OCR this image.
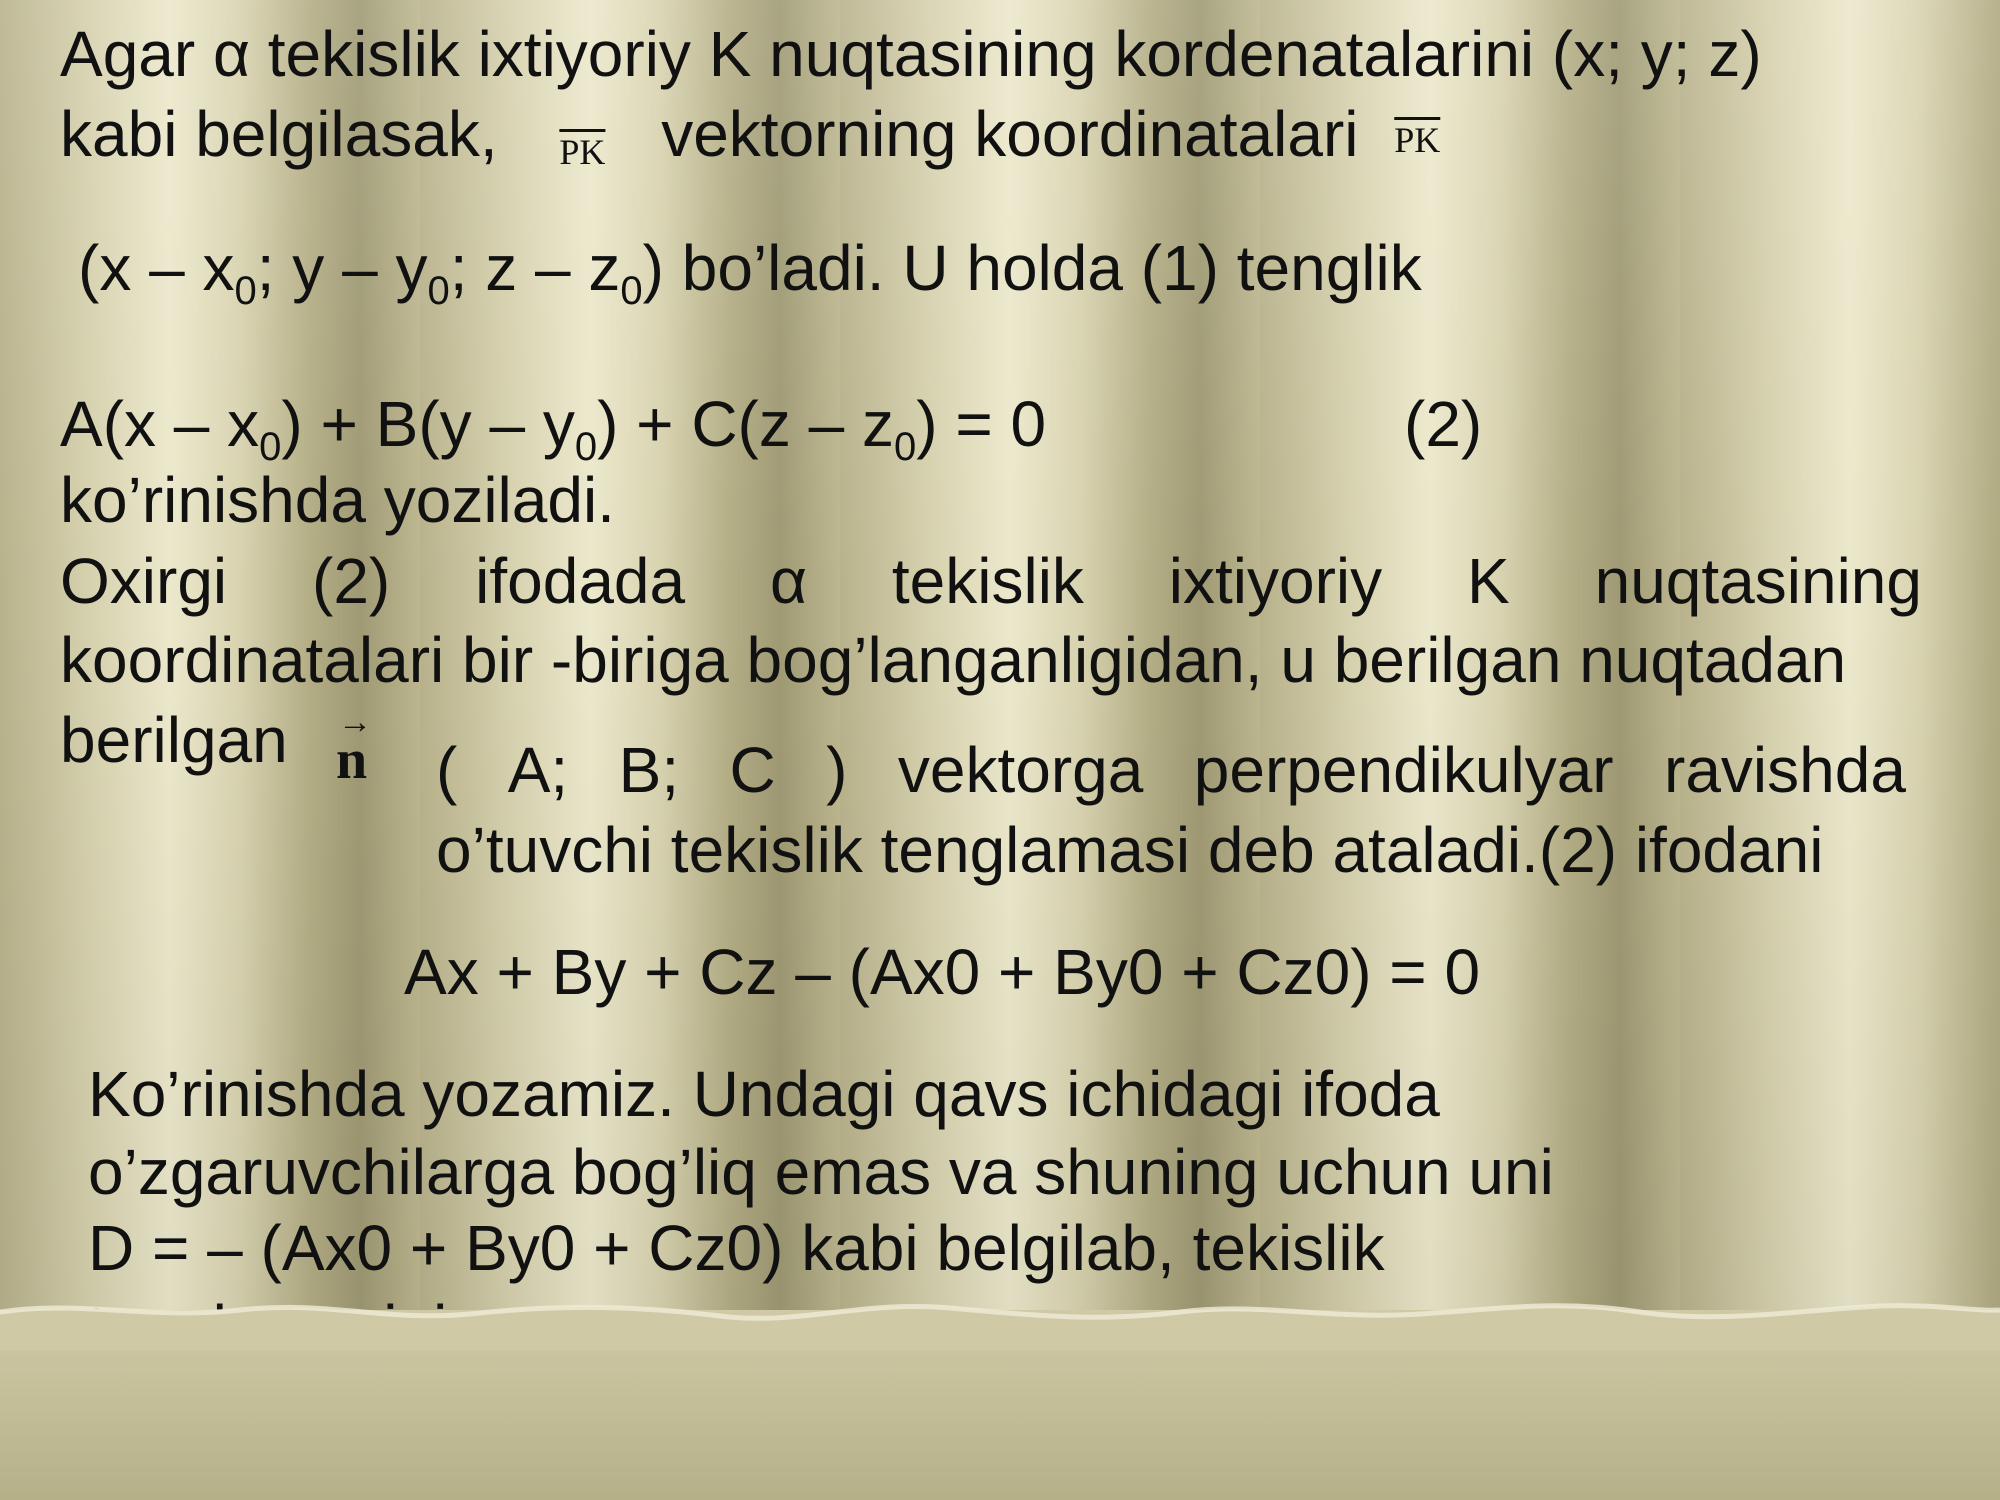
Agar α tekislik ixtiyoriy K nuqtasining kordenatalarini (x; y; z)
kabi belgilasak, $\overline{PK}$ vektorning koordinatalari $\overline{PK}$
($x - x_0$; y – $y_0$; z – $z_0$) bo’ladi. U holda (1) tenglik
$A(x - x_0) + B(y - y_0) + C(z - z_0) = 0$	(2)
ko’rinishda yoziladi.
Oxirgi (2) ifodada α tekislik ixtiyoriy K nuqtasining
koordinatalari bir -biriga bog’langanligidan, u berilgan nuqtadan
berilgan →
n ( A; B; C ) vektorga perpendikulyar ravishda
o’tuvchi tekislik tenglamasi deb ataladi.(2) ifodani
Ax + By + Cz – (Ax0 + By0 + Cz0) = 0
Ko’rinishda yozamiz. Undagi qavs ichidagi ifoda
o’zgaruvchilarga bog’liq emas va shuning uchun uni
D = – (Ax0 + By0 + Cz0) kabi belgilab, tekislik
